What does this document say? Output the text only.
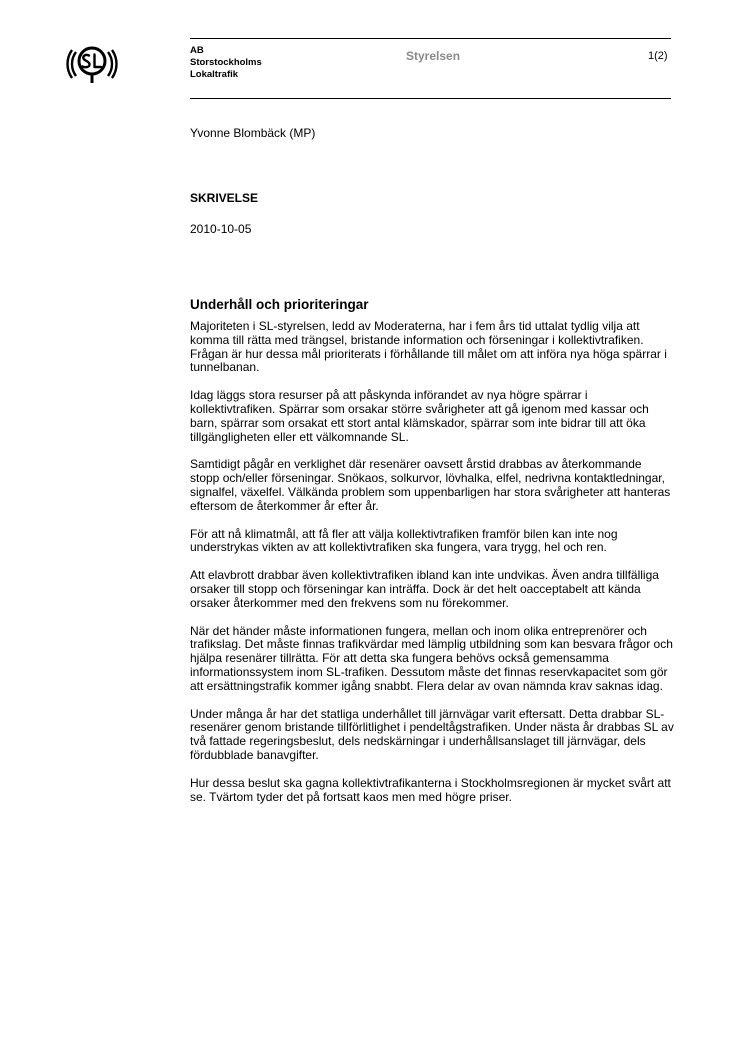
AB
Storstockholms
Lokaltrafik
Styrelsen	1(2)
Yvonne Blombäck (MP)
SKRIVELSE
2010-10-05
Underhåll och prioriteringar

Majoriteten i SL-styrelsen, ledd av Moderaterna, har i fem års tid uttalat tydlig vilja att komma till rätta med trängsel, bristande information och förseningar i kollektivtrafiken. Frågan är hur dessa mål prioriterats i förhållande till målet om att införa nya höga spärrar i tunnelbanan.

Idag läggs stora resurser på att påskynda införandet av nya högre spärrar i kollektivtrafiken. Spärrar som orsakar större svårigheter att gå igenom med kassar och barn, spärrar som orsakat ett stort antal klämskador, spärrar som inte bidrar till att öka tillgängligheten eller ett välkomnande SL.

Samtidigt pågår en verklighet där resenärer oavsett årstid drabbas av återkommande stopp och/eller förseningar. Snökaos, solkurvor, lövhalka, elfel, nedrivna kontaktledningar, signalfel, växelfel. Välkända problem som uppenbarligen har stora svårigheter att hanteras eftersom de återkommer år efter år.

För att nå klimatmål, att få fler att välja kollektivtrafiken framför bilen kan inte nog understrykas vikten av att kollektivtrafiken ska fungera, vara trygg, hel och ren.

Att elavbrott drabbar även kollektivtrafiken ibland kan inte undvikas. Även andra tillfälliga orsaker till stopp och förseningar kan inträffa. Dock är det helt oacceptabelt att kända orsaker återkommer med den frekvens som nu förekommer.

När det händer måste informationen fungera, mellan och inom olika entreprenörer och trafikslag. Det måste finnas trafikvärdar med lämplig utbildning som kan besvara frågor och hjälpa resenärer tillrätta. För att detta ska fungera behövs också gemensamma informationssystem inom SL-trafiken. Dessutom måste det finnas reservkapacitet som gör att ersättningstrafik kommer igång snabbt. Flera delar av ovan nämnda krav saknas idag.

Under många år har det statliga underhållet till järnvägar varit eftersatt. Detta drabbar SL-resenärer genom bristande tillförlitlighet i pendeltågstrafiken. Under nästa år drabbas SL av två fattade regeringsbeslut, dels nedskärningar i underhållsanslaget till järnvägar, dels fördubblade banavgifter.

Hur dessa beslut ska gagna kollektivtrafikanterna i Stockholmsregionen är mycket svårt att se. Tvärtom tyder det på fortsatt kaos men med högre priser.
